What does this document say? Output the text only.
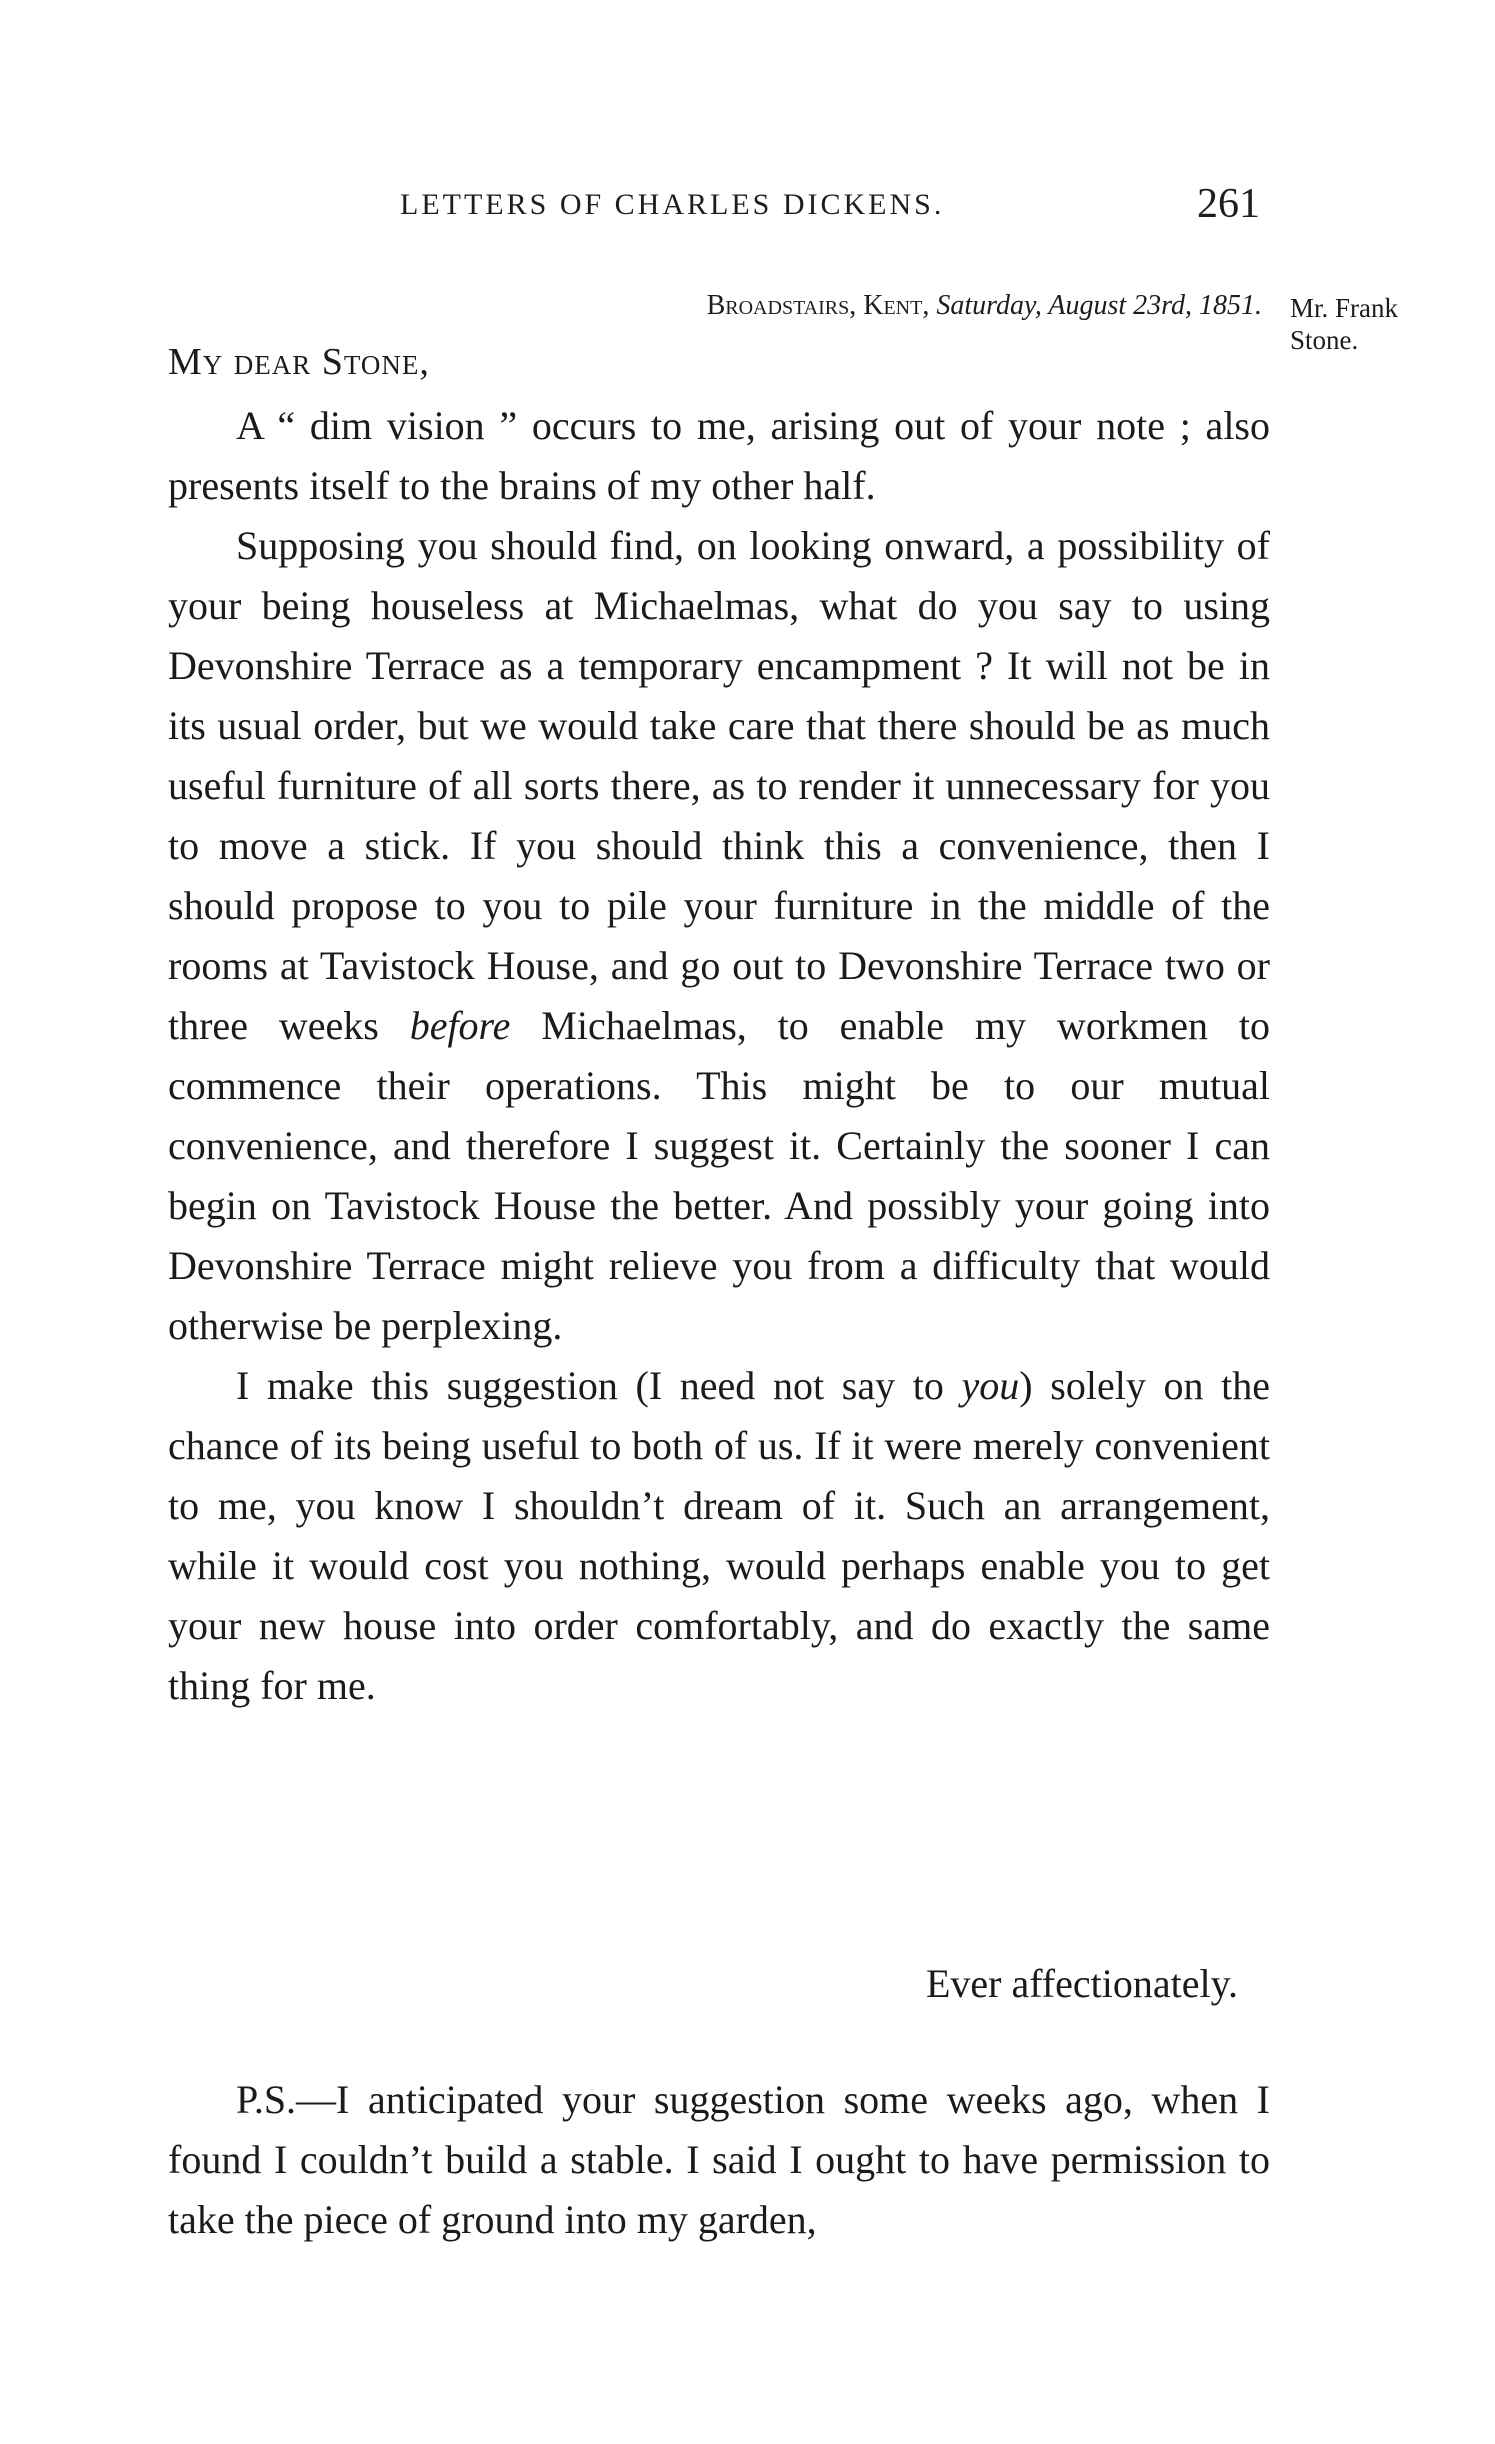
LETTERS OF CHARLES DICKENS.	261
Mr. Frank
Stone.
Broadstairs, Kent, Saturday, August 23rd, 1851.
My dear Stone,

A “ dim vision ” occurs to me, arising out of your note ; also presents itself to the brains of my other half.

Supposing you should find, on looking onward, a possibility of your being houseless at Michaelmas, what do you say to using Devonshire Terrace as a temporary encampment ? It will not be in its usual order, but we would take care that there should be as much useful furniture of all sorts there, as to render it unnecessary for you to move a stick. If you should think this a convenience, then I should propose to you to pile your furniture in the middle of the rooms at Tavistock House, and go out to Devonshire Terrace two or three weeks before Michaelmas, to enable my workmen to commence their operations. This might be to our mutual convenience, and therefore I suggest it. Certainly the sooner I can begin on Tavistock House the better. And possibly your going into Devonshire Terrace might relieve you from a difficulty that would otherwise be perplexing.

I make this suggestion (I need not say to you) solely on the chance of its being useful to both of us. If it were merely convenient to me, you know I shouldn’t dream of it. Such an arrangement, while it would cost you nothing, would perhaps enable you to get your new house into order comfortably, and do exactly the same thing for me.

Ever affectionately.

P.S.—I anticipated your suggestion some weeks ago, when I found I couldn’t build a stable. I said I ought to have permission to take the piece of ground into my garden,
